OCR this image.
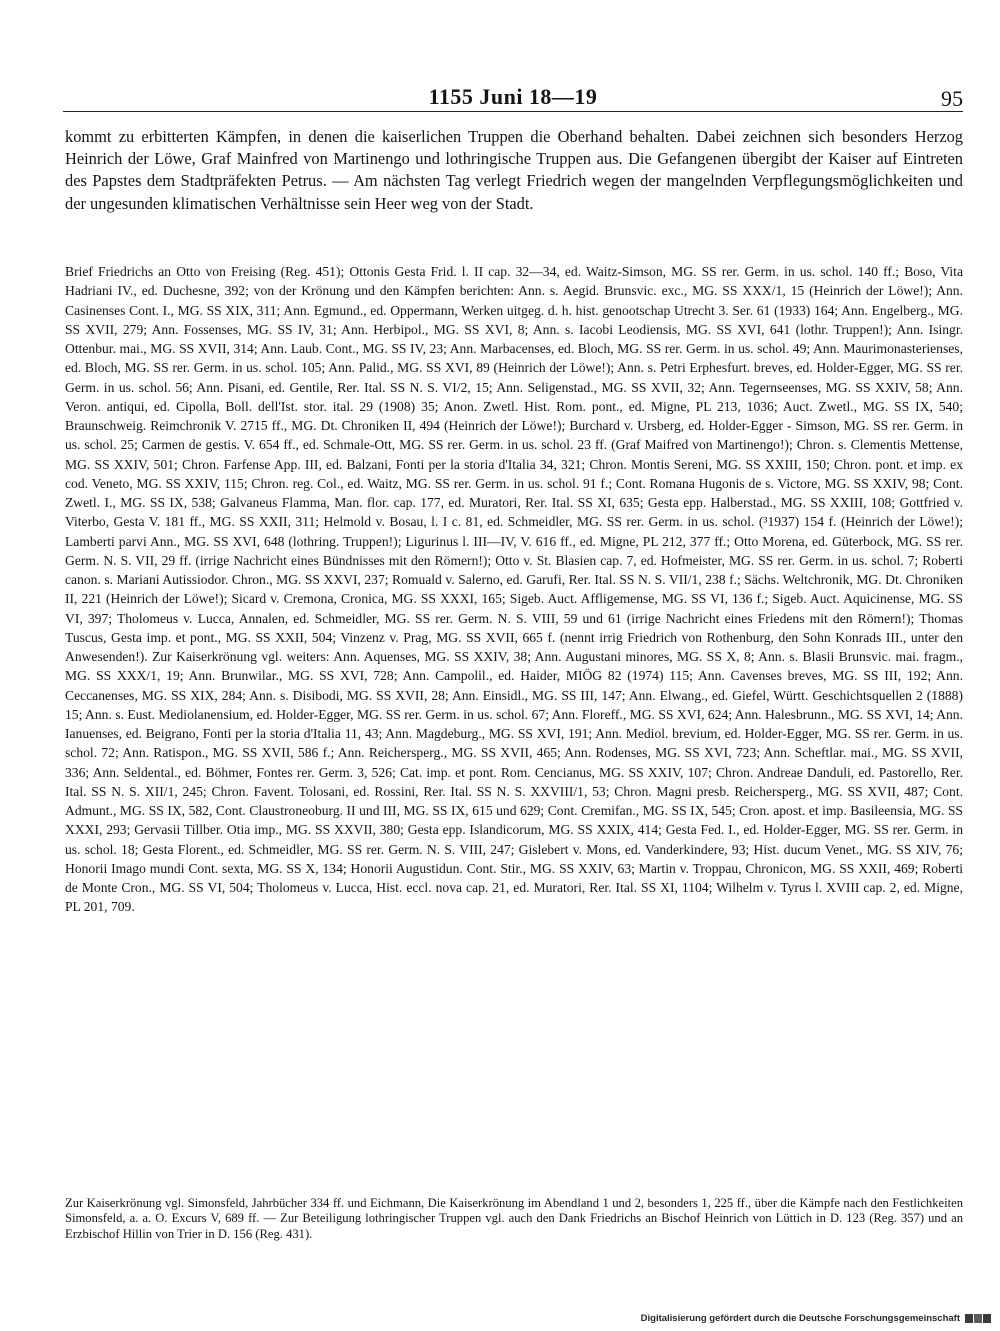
1155 Juni 18—19	95

kommt zu erbitterten Kämpfen, in denen die kaiserlichen Truppen die Oberhand behalten. Dabei zeichnen sich besonders Herzog Heinrich der Löwe, Graf Mainfred von Martinengo und lothringische Truppen aus. Die Gefangenen übergibt der Kaiser auf Eintreten des Papstes dem Stadtpräfekten Petrus. — Am nächsten Tag verlegt Friedrich wegen der mangelnden Verpflegungsmöglichkeiten und der ungesunden klimatischen Verhältnisse sein Heer weg von der Stadt.

Brief Friedrichs an Otto von Freising (Reg. 451); Ottonis Gesta Frid. l. II cap. 32—34, ed. Waitz-Simson, MG. SS rer. Germ. in us. schol. 140 ff.; Boso, Vita Hadriani IV., ed. Duchesne, 392; von der Krönung und den Kämpfen berichten: Ann. s. Aegid. Brunsvic. exc., MG. SS XXX/1, 15 (Heinrich der Löwe!); Ann. Casinenses Cont. I., MG. SS XIX, 311; Ann. Egmund., ed. Oppermann, Werken uitgeg. d. h. hist. genootschap Utrecht 3. Ser. 61 (1933) 164; Ann. Engelberg., MG. SS XVII, 279; Ann. Fossenses, MG. SS IV, 31; Ann. Herbipol., MG. SS XVI, 8; Ann. s. Iacobi Leodiensis, MG. SS XVI, 641 (lothr. Truppen!); Ann. Isingr. Ottenbur. mai., MG. SS XVII, 314; Ann. Laub. Cont., MG. SS IV, 23; Ann. Marbacenses, ed. Bloch, MG. SS rer. Germ. in us. schol. 49; Ann. Maurimonasterienses, ed. Bloch, MG. SS rer. Germ. in us. schol. 105; Ann. Palid., MG. SS XVI, 89 (Heinrich der Löwe!); Ann. s. Petri Erphesfurt. breves, ed. Holder-Egger, MG. SS rer. Germ. in us. schol. 56; Ann. Pisani, ed. Gentile, Rer. Ital. SS N. S. VI/2, 15; Ann. Seligenstad., MG. SS XVII, 32; Ann. Tegernseenses, MG. SS XXIV, 58; Ann. Veron. antiqui, ed. Cipolla, Boll. dell'Ist. stor. ital. 29 (1908) 35; Anon. Zwetl. Hist. Rom. pont., ed. Migne, PL 213, 1036; Auct. Zwetl., MG. SS IX, 540; Braunschweig. Reimchronik V. 2715 ff., MG. Dt. Chroniken II, 494 (Heinrich der Löwe!); Burchard v. Ursberg, ed. Holder-Egger - Simson, MG. SS rer. Germ. in us. schol. 25; Carmen de gestis. V. 654 ff., ed. Schmale-Ott, MG. SS rer. Germ. in us. schol. 23 ff. (Graf Maifred von Martinengo!); Chron. s. Clementis Mettense, MG. SS XXIV, 501; Chron. Farfense App. III, ed. Balzani, Fonti per la storia d'Italia 34, 321; Chron. Montis Sereni, MG. SS XXIII, 150; Chron. pont. et imp. ex cod. Veneto, MG. SS XXIV, 115; Chron. reg. Col., ed. Waitz, MG. SS rer. Germ. in us. schol. 91 f.; Cont. Romana Hugonis de s. Victore, MG. SS XXIV, 98; Cont. Zwetl. I., MG. SS IX, 538; Galvaneus Flamma, Man. flor. cap. 177, ed. Muratori, Rer. Ital. SS XI, 635; Gesta epp. Halberstad., MG. SS XXIII, 108; Gottfried v. Viterbo, Gesta V. 181 ff., MG. SS XXII, 311; Helmold v. Bosau, l. I c. 81, ed. Schmeidler, MG. SS rer. Germ. in us. schol. (³1937) 154 f. (Heinrich der Löwe!); Lamberti parvi Ann., MG. SS XVI, 648 (lothring. Truppen!); Ligurinus l. III—IV, V. 616 ff., ed. Migne, PL 212, 377 ff.; Otto Morena, ed. Güterbock, MG. SS rer. Germ. N. S. VII, 29 ff. (irrige Nachricht eines Bündnisses mit den Römern!); Otto v. St. Blasien cap. 7, ed. Hofmeister, MG. SS rer. Germ. in us. schol. 7; Roberti canon. s. Mariani Autissiodor. Chron., MG. SS XXVI, 237; Romuald v. Salerno, ed. Garufi, Rer. Ital. SS N. S. VII/1, 238 f.; Sächs. Weltchronik, MG. Dt. Chroniken II, 221 (Heinrich der Löwe!); Sicard v. Cremona, Cronica, MG. SS XXXI, 165; Sigeb. Auct. Affligemense, MG. SS VI, 136 f.; Sigeb. Auct. Aquicinense, MG. SS VI, 397; Tholomeus v. Lucca, Annalen, ed. Schmeidler, MG. SS rer. Germ. N. S. VIII, 59 und 61 (irrige Nachricht eines Friedens mit den Römern!); Thomas Tuscus, Gesta imp. et pont., MG. SS XXII, 504; Vinzenz v. Prag, MG. SS XVII, 665 f. (nennt irrig Friedrich von Rothenburg, den Sohn Konrads III., unter den Anwesenden!). Zur Kaiserkrönung vgl. weiters: Ann. Aquenses, MG. SS XXIV, 38; Ann. Augustani minores, MG. SS X, 8; Ann. s. Blasii Brunsvic. mai. fragm., MG. SS XXX/1, 19; Ann. Brunwilar., MG. SS XVI, 728; Ann. Campolil., ed. Haider, MIÖG 82 (1974) 115; Ann. Cavenses breves, MG. SS III, 192; Ann. Ceccanenses, MG. SS XIX, 284; Ann. s. Disibodi, MG. SS XVII, 28; Ann. Einsidl., MG. SS III, 147; Ann. Elwang., ed. Giefel, Württ. Geschichtsquellen 2 (1888) 15; Ann. s. Eust. Mediolanensium, ed. Holder-Egger, MG. SS rer. Germ. in us. schol. 67; Ann. Floreff., MG. SS XVI, 624; Ann. Halesbrunn., MG. SS XVI, 14; Ann. Ianuenses, ed. Beigrano, Fonti per la storia d'Italia 11, 43; Ann. Magdeburg., MG. SS XVI, 191; Ann. Mediol. brevium, ed. Holder-Egger, MG. SS rer. Germ. in us. schol. 72; Ann. Ratispon., MG. SS XVII, 586 f.; Ann. Reichersperg., MG. SS XVII, 465; Ann. Rodenses, MG. SS XVI, 723; Ann. Scheftlar. mai., MG. SS XVII, 336; Ann. Seldental., ed. Böhmer, Fontes rer. Germ. 3, 526; Cat. imp. et pont. Rom. Cencianus, MG. SS XXIV, 107; Chron. Andreae Danduli, ed. Pastorello, Rer. Ital. SS N. S. XII/1, 245; Chron. Favent. Tolosani, ed. Rossini, Rer. Ital. SS N. S. XXVIII/1, 53; Chron. Magni presb. Reichersperg., MG. SS XVII, 487; Cont. Admunt., MG. SS IX, 582, Cont. Claustroneoburg. II und III, MG. SS IX, 615 und 629; Cont. Cremifan., MG. SS IX, 545; Cron. apost. et imp. Basileensia, MG. SS XXXI, 293; Gervasii Tillber. Otia imp., MG. SS XXVII, 380; Gesta epp. Islandicorum, MG. SS XXIX, 414; Gesta Fed. I., ed. Holder-Egger, MG. SS rer. Germ. in us. schol. 18; Gesta Florent., ed. Schmeidler, MG. SS rer. Germ. N. S. VIII, 247; Gislebert v. Mons, ed. Vanderkindere, 93; Hist. ducum Venet., MG. SS XIV, 76; Honorii Imago mundi Cont. sexta, MG. SS X, 134; Honorii Augustidun. Cont. Stir., MG. SS XXIV, 63; Martin v. Troppau, Chronicon, MG. SS XXII, 469; Roberti de Monte Cron., MG. SS VI, 504; Tholomeus v. Lucca, Hist. eccl. nova cap. 21, ed. Muratori, Rer. Ital. SS XI, 1104; Wilhelm v. Tyrus l. XVIII cap. 2, ed. Migne, PL 201, 709.

Zur Kaiserkrönung vgl. Simonsfeld, Jahrbücher 334 ff. und Eichmann, Die Kaiserkrönung im Abendland 1 und 2, besonders 1, 225 ff., über die Kämpfe nach den Festlichkeiten Simonsfeld, a. a. O. Excurs V, 689 ff. — Zur Beteiligung lothringischer Truppen vgl. auch den Dank Friedrichs an Bischof Heinrich von Lüttich in D. 123 (Reg. 357) und an Erzbischof Hillin von Trier in D. 156 (Reg. 431).

Digitalisierung gefördert durch die Deutsche Forschungsgemeinschaft
